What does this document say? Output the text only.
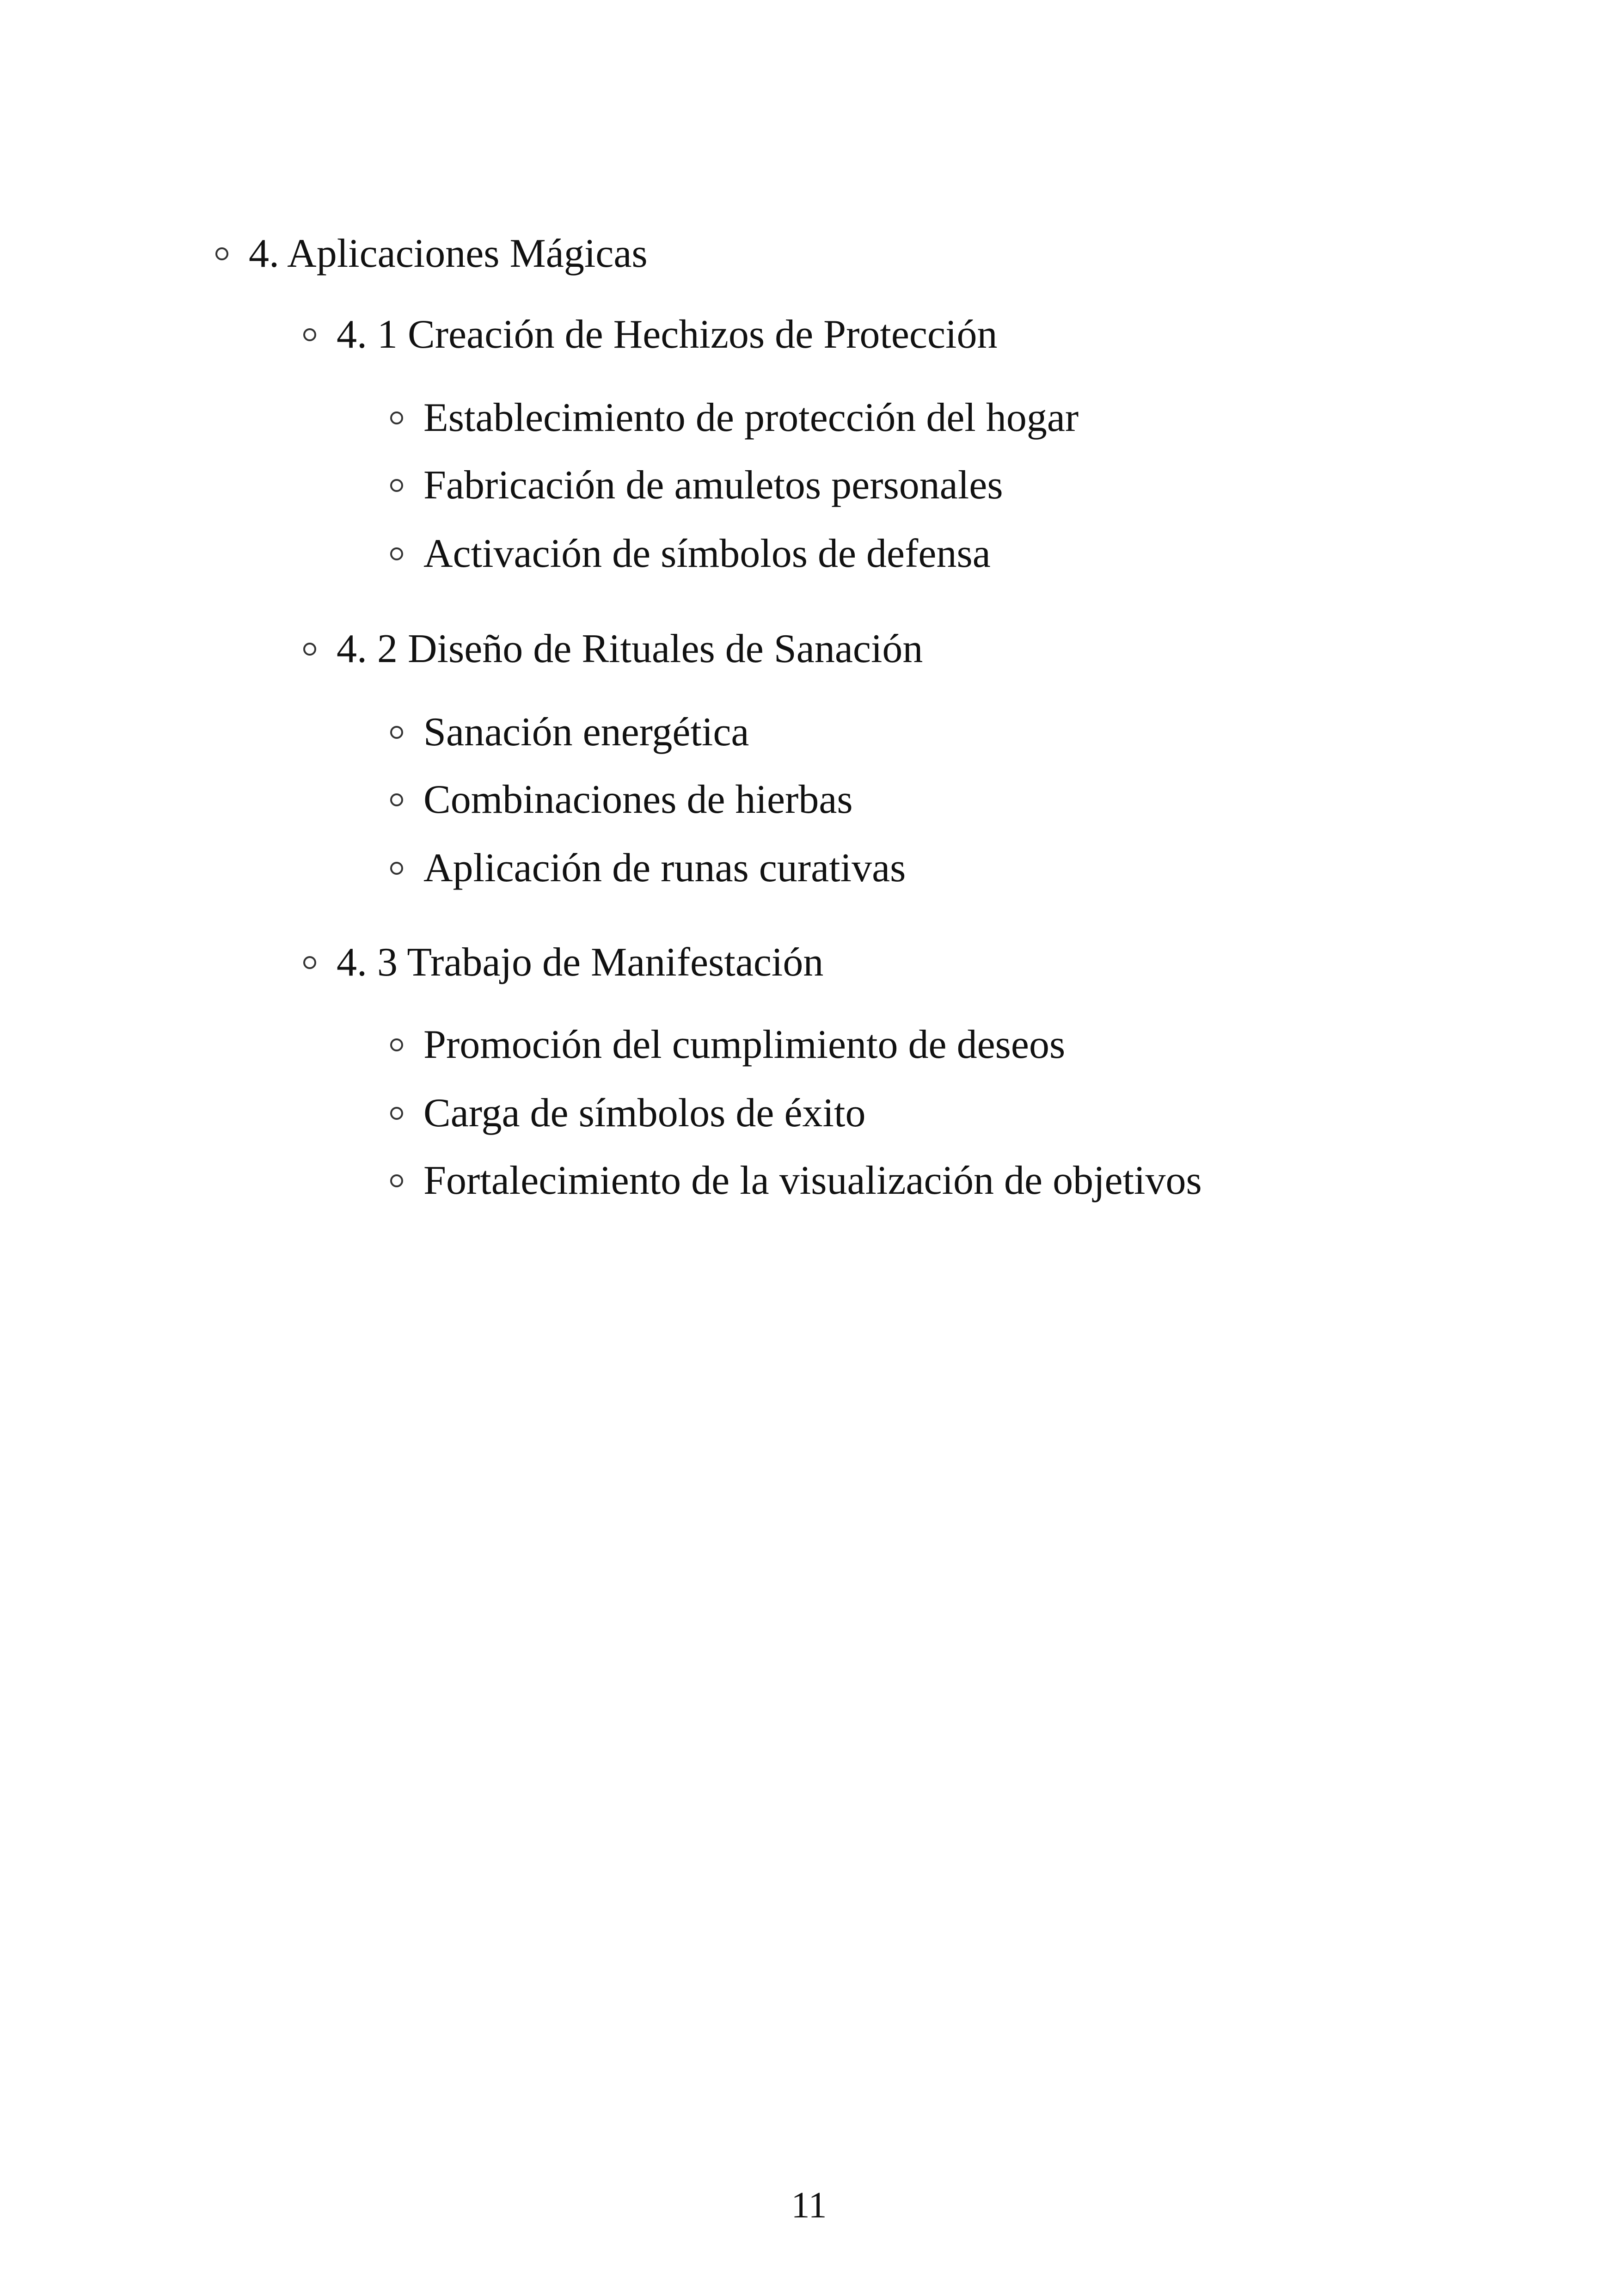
4. Aplicaciones Mágicas
4. 1 Creación de Hechizos de Protección
Establecimiento de protección del hogar
Fabricación de amuletos personales
Activación de símbolos de defensa
4. 2 Diseño de Rituales de Sanación
Sanación energética
Combinaciones de hierbas
Aplicación de runas curativas
4. 3 Trabajo de Manifestación
Promoción del cumplimiento de deseos
Carga de símbolos de éxito
Fortalecimiento de la visualización de objetivos
11
